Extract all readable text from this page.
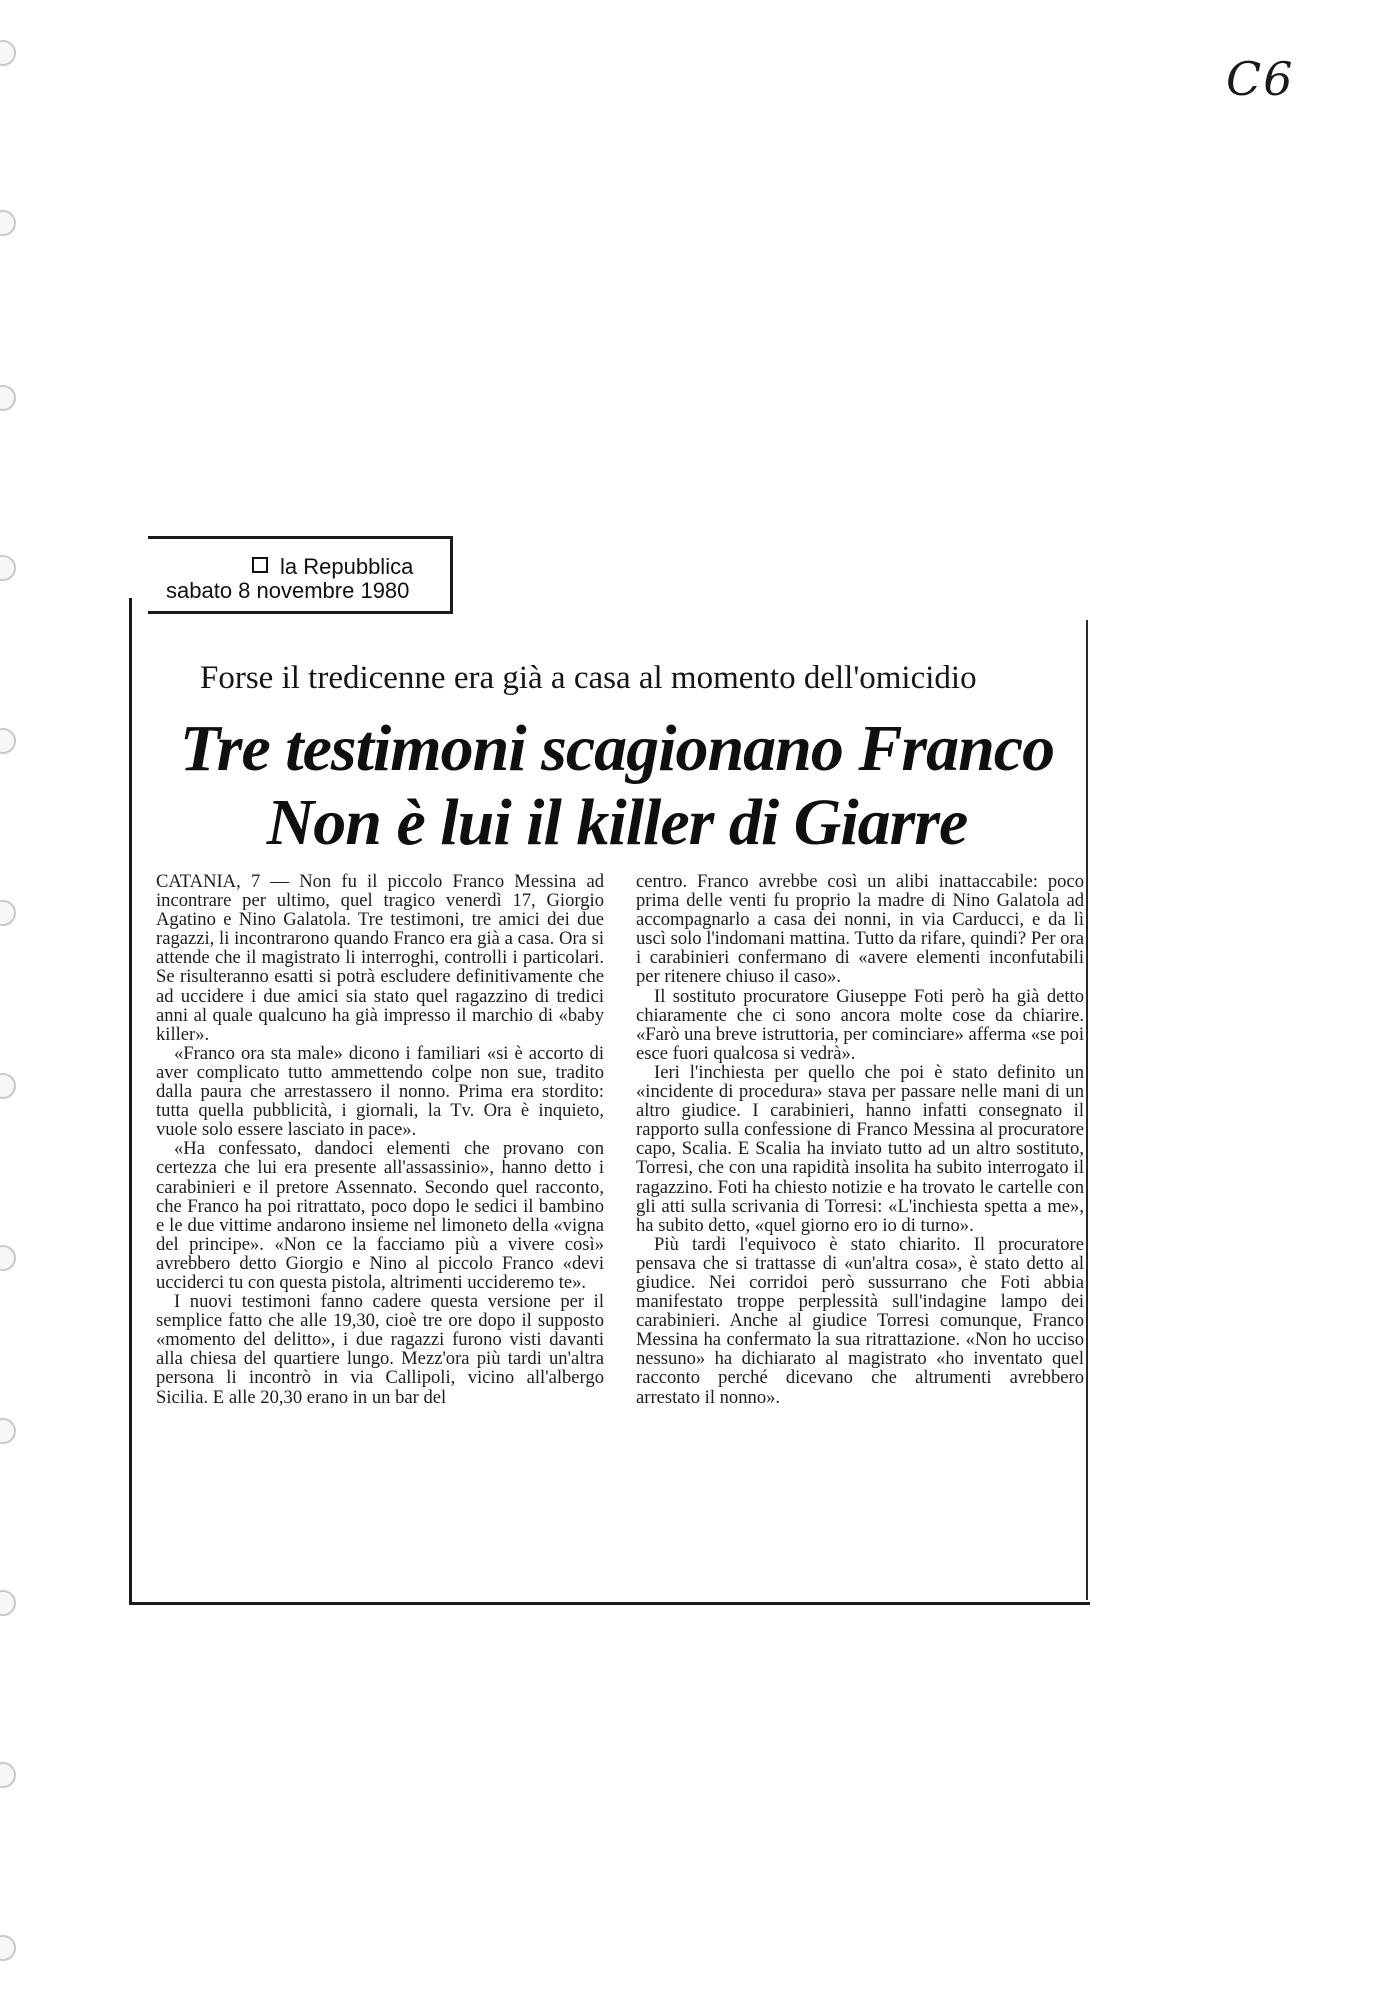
C6
la Repubblica
sabato 8 novembre 1980
Forse il tredicenne era già a casa al momento dell'omicidio
Tre testimoni scagionano Franco
Non è lui il killer di Giarre

CATANIA, 7 — Non fu il piccolo Franco Messina ad incontrare per ultimo, quel tragico venerdì 17, Giorgio Agatino e Nino Galatola. Tre testimoni, tre amici dei due ragazzi, li incontrarono quando Franco era già a casa. Ora si attende che il magistrato li interroghi, controlli i particolari. Se risulteranno esatti si potrà escludere definitivamente che ad uccidere i due amici sia stato quel ragazzino di tredici anni al quale qualcuno ha già impresso il marchio di «baby killer».

«Franco ora sta male» dicono i familiari «si è accorto di aver complicato tutto ammettendo colpe non sue, tradito dalla paura che arrestassero il nonno. Prima era stordito: tutta quella pubblicità, i giornali, la Tv. Ora è inquieto, vuole solo essere lasciato in pace».

«Ha confessato, dandoci elementi che provano con certezza che lui era presente all'assassinio», hanno detto i carabinieri e il pretore Assennato. Secondo quel racconto, che Franco ha poi ritrattato, poco dopo le sedici il bambino e le due vittime andarono insieme nel limoneto della «vigna del principe». «Non ce la facciamo più a vivere così» avrebbero detto Giorgio e Nino al piccolo Franco «devi ucciderci tu con questa pistola, altrimenti uccideremo te».

I nuovi testimoni fanno cadere questa versione per il semplice fatto che alle 19,30, cioè tre ore dopo il supposto «momento del delitto», i due ragazzi furono visti davanti alla chiesa del quartiere lungo. Mezz'ora più tardi un'altra persona li incontrò in via Callipoli, vicino all'albergo Sicilia. E alle 20,30 erano in un bar del

centro. Franco avrebbe così un alibi inattaccabile: poco prima delle venti fu proprio la madre di Nino Galatola ad accompagnarlo a casa dei nonni, in via Carducci, e da lì uscì solo l'indomani mattina. Tutto da rifare, quindi? Per ora i carabinieri confermano di «avere elementi inconfutabili per ritenere chiuso il caso».

Il sostituto procuratore Giuseppe Foti però ha già detto chiaramente che ci sono ancora molte cose da chiarire. «Farò una breve istruttoria, per cominciare» afferma «se poi esce fuori qualcosa si vedrà».

Ieri l'inchiesta per quello che poi è stato definito un «incidente di procedura» stava per passare nelle mani di un altro giudice. I carabinieri, hanno infatti consegnato il rapporto sulla confessione di Franco Messina al procuratore capo, Scalia. E Scalia ha inviato tutto ad un altro sostituto, Torresi, che con una rapidità insolita ha subito interrogato il ragazzino. Foti ha chiesto notizie e ha trovato le cartelle con gli atti sulla scrivania di Torresi: «L'inchiesta spetta a me», ha subito detto, «quel giorno ero io di turno».

Più tardi l'equivoco è stato chiarito. Il procuratore pensava che si trattasse di «un'altra cosa», è stato detto al giudice. Nei corridoi però sussurrano che Foti abbia manifestato troppe perplessità sull'indagine lampo dei carabinieri. Anche al giudice Torresi comunque, Franco Messina ha confermato la sua ritrattazione. «Non ho ucciso nessuno» ha dichiarato al magistrato «ho inventato quel racconto perché dicevano che altrumenti avrebbero arrestato il nonno».
